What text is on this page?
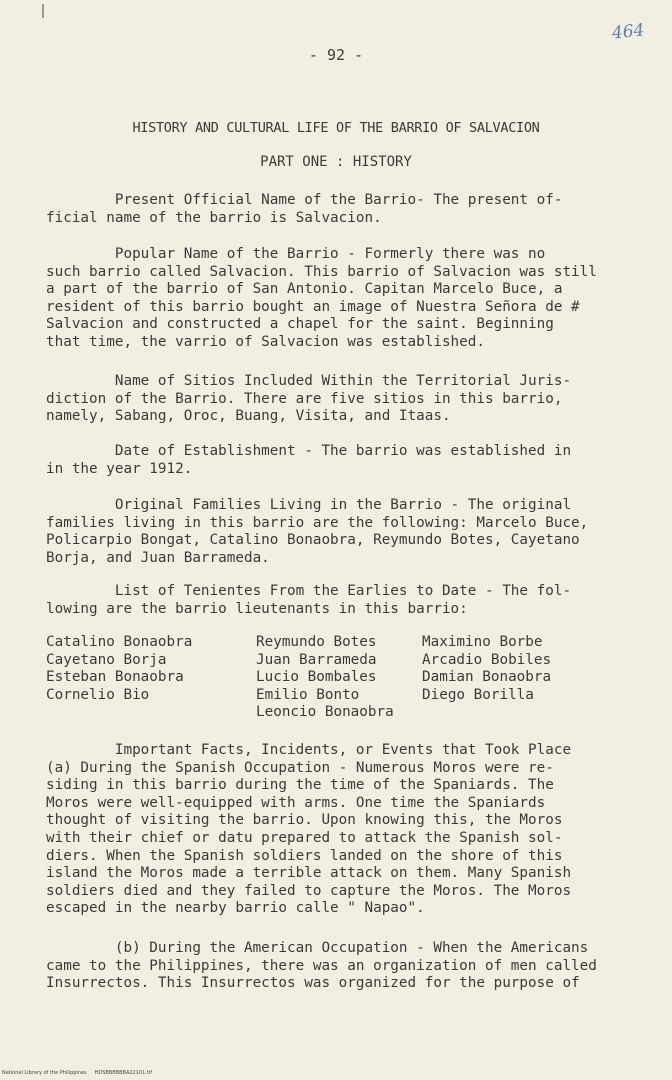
464
- 92 -
HISTORY AND CULTURAL LIFE OF THE BARRIO OF SALVACION
PART ONE : HISTORY
Present Official Name of the Barrio- The present of-
ficial name of the barrio is Salvacion.
Popular Name of the Barrio - Formerly there was no
such barrio called Salvacion. This barrio of Salvacion was still
a part of the barrio of San Antonio. Capitan Marcelo Buce, a
resident of this barrio bought an image of Nuestra Señora de #
Salvacion and constructed a chapel for the saint. Beginning
that time, the varrio of Salvacion was established.
Name of Sitios Included Within the Territorial Juris-
diction of the Barrio. There are five sitios in this barrio,
namely, Sabang, Oroc, Buang, Visita, and Itaas.
Date of Establishment - The barrio was established in
in the year 1912.
Original Families Living in the Barrio - The original
families living in this barrio are the following: Marcelo Buce,
Policarpio Bongat, Catalino Bonaobra, Reymundo Botes, Cayetano
Borja, and Juan Barrameda.
List of Tenientes From the Earlies to Date - The fol-
lowing are the barrio lieutenants in this barrio:
Catalino Bonaobra
Cayetano Borja
Esteban Bonaobra
Cornelio Bio
Reymundo Botes
Juan Barrameda
Lucio Bombales
Emilio Bonto
Leoncio Bonaobra
Maximino Borbe
Arcadio Bobiles
Damian Bonaobra
Diego Borilla
Important Facts, Incidents, or Events that Took Place
(a) During the Spanish Occupation - Numerous Moros were re-
siding in this barrio during the time of the Spaniards. The
Moros were well-equipped with arms. One time the Spaniards
thought of visiting the barrio. Upon knowing this, the Moros
with their chief or datu prepared to attack the Spanish sol-
diers. When the Spanish soldiers landed on the shore of this
island the Moros made a terrible attack on them. Many Spanish
soldiers died and they failed to capture the Moros. The Moros
escaped in the nearby barrio calle " Napao".
(b) During the American Occupation - When the Americans
came to the Philippines, there was an organization of men called
Insurrectos. This Insurrectos was organized for the purpose of
National Library of the Philippines     HDSBBBBBBA22101.tif
